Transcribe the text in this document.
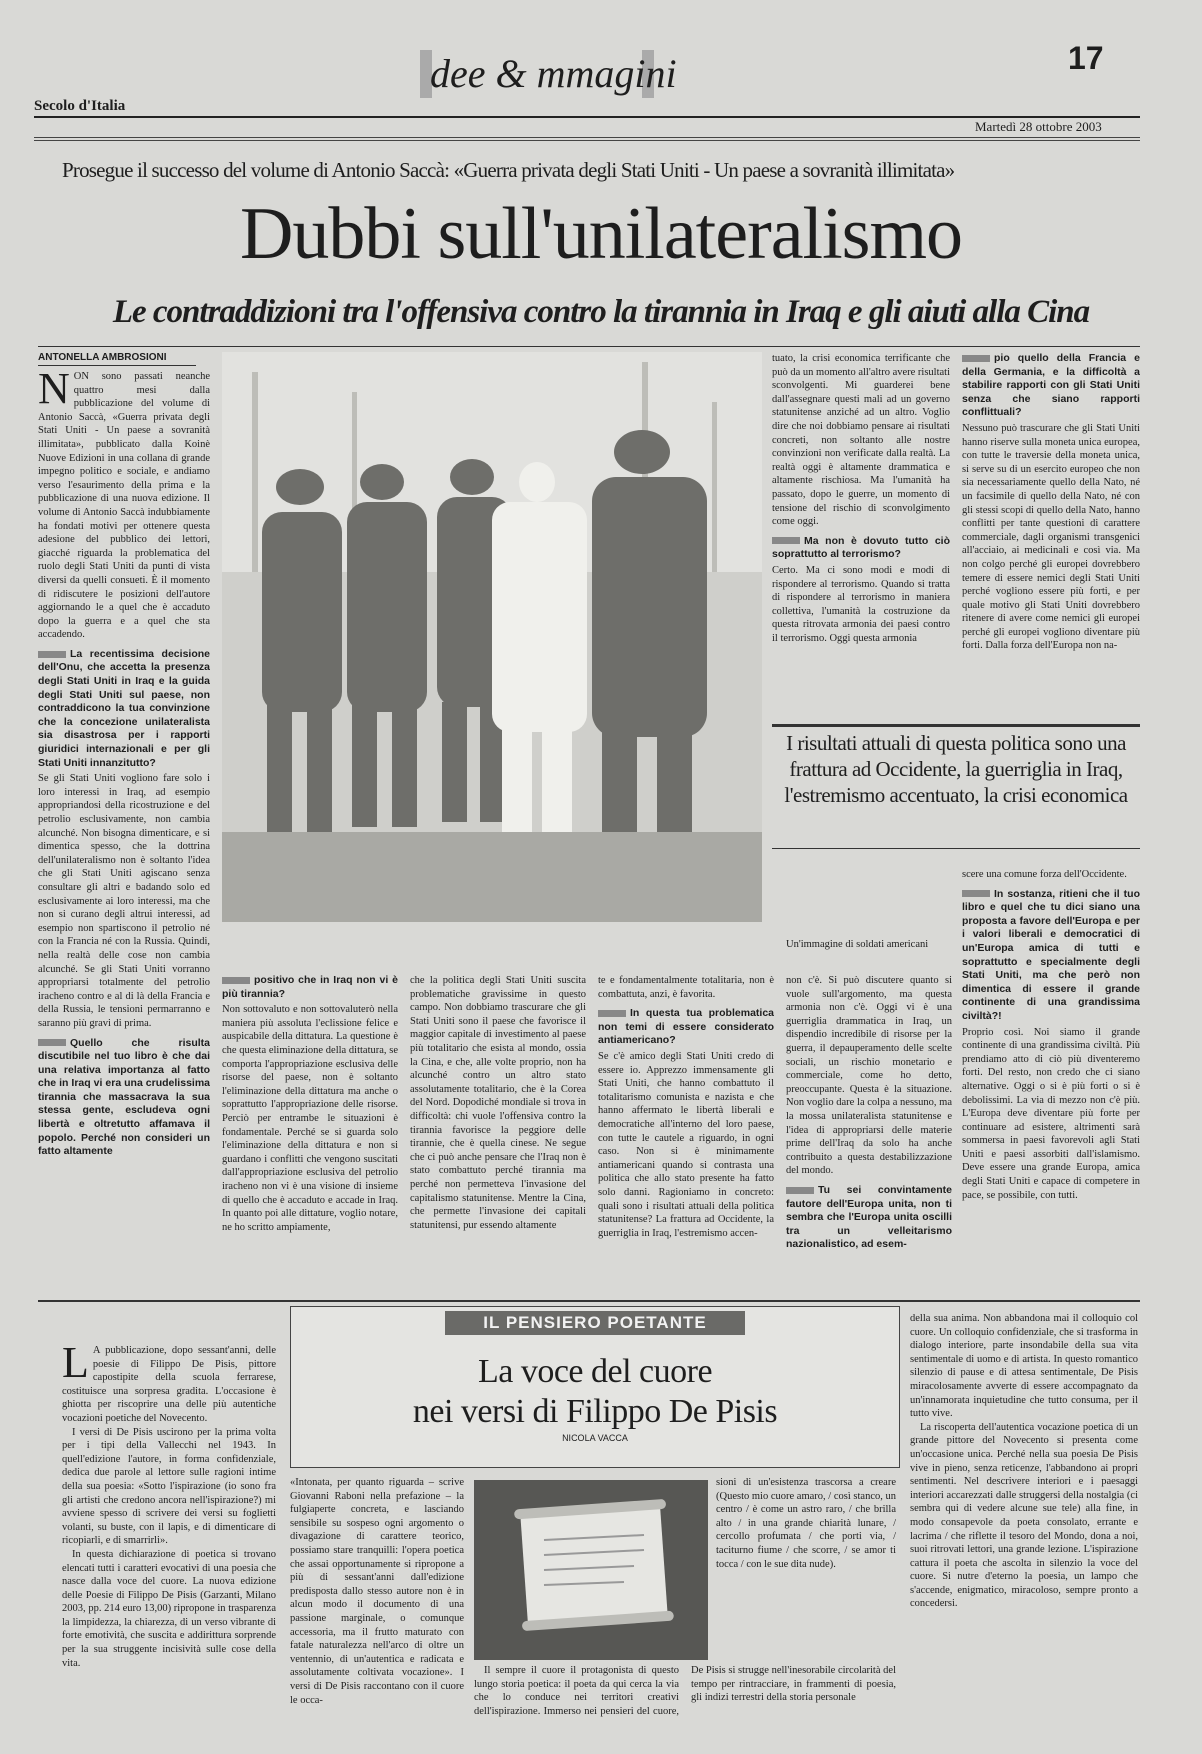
dee & mmagini	17
Secolo d'Italia
Martedì 28 ottobre 2003
Prosegue il successo del volume di Antonio Saccà: «Guerra privata degli Stati Uniti - Un paese a sovranità illimitata»
Dubbi sull'unilateralismo
Le contraddizioni tra l'offensiva contro la tirannia in Iraq e gli aiuti alla Cina
ANTONELLA AMBROSIONI

NON sono passati neanche quattro mesi dalla pubblicazione del volume di Antonio Saccà, «Guerra privata degli Stati Uniti - Un paese a sovranità illimitata», pubblicato dalla Koinè Nuove Edizioni in una collana di grande impegno politico e sociale, e andiamo verso l'esaurimento della prima e la pubblicazione di una nuova edizione. Il volume di Antonio Saccà indubbiamente ha fondati motivi per ottenere questa adesione del pubblico dei lettori, giacché riguarda la problematica del ruolo degli Stati Uniti da punti di vista diversi da quelli consueti. È il momento di ridiscutere le posizioni dell'autore aggiornando le a quel che è accaduto dopo la guerra e a quel che sta accadendo.

La recentissima decisione dell'Onu, che accetta la presenza degli Stati Uniti in Iraq e la guida degli Stati Uniti sul paese, non contraddicono la tua convinzione che la concezione unilateralista sia disastrosa per i rapporti giuridici internazionali e per gli Stati Uniti innanzitutto?

Se gli Stati Uniti vogliono fare solo i loro interessi in Iraq, ad esempio appropriandosi della ricostruzione e del petrolio esclusivamente, non cambia alcunché. Non bisogna dimenticare, e si dimentica spesso, che la dottrina dell'unilateralismo non è soltanto l'idea che gli Stati Uniti agiscano senza consultare gli altri e badando solo ed esclusivamente ai loro interessi, ma che non si curano degli altrui interessi, ad esempio non spartiscono il petrolio né con la Francia né con la Russia. Quindi, nella realtà delle cose non cambia alcunché. Se gli Stati Uniti vorranno appropriarsi totalmente del petrolio iracheno contro e al di là della Francia e della Russia, le tensioni permarranno e saranno più gravi di prima.

Quello che risulta discutibile nel tuo libro è che dai una relativa importanza al fatto che in Iraq vi era una crudelissima tirannia che massacrava la sua stessa gente, escludeva ogni libertà e oltretutto affamava il popolo. Perché non consideri un fatto altamente

tuato, la crisi economica terrificante che può da un momento all'altro avere risultati sconvolgenti. Mi guarderei bene dall'assegnare questi mali ad un governo statunitense anziché ad un altro. Voglio dire che noi dobbiamo pensare ai risultati concreti, non soltanto alle nostre convinzioni non verificate dalla realtà. La realtà oggi è altamente drammatica e altamente rischiosa. Ma l'umanità ha passato, dopo le guerre, un momento di tensione del rischio di sconvolgimento come oggi.

Ma non è dovuto tutto ciò soprattutto al terrorismo?

Certo. Ma ci sono modi e modi di rispondere al terrorismo. Quando si tratta di rispondere al terrorismo in maniera collettiva, l'umanità la costruzione da questa ritrovata armonia dei paesi contro il terrorismo. Oggi questa armonia

pio quello della Francia e della Germania, e la difficoltà a stabilire rapporti con gli Stati Uniti senza che siano rapporti conflittuali?

Nessuno può trascurare che gli Stati Uniti hanno riserve sulla moneta unica europea, con tutte le traversie della moneta unica, si serve su di un esercito europeo che non sia necessariamente quello della Nato, né un facsimile di quello della Nato, né con gli stessi scopi di quello della Nato, hanno conflitti per tante questioni di carattere commerciale, dagli organismi transgenici all'acciaio, ai medicinali e così via. Ma non colgo perché gli europei dovrebbero temere di essere nemici degli Stati Uniti perché vogliono essere più forti, e per quale motivo gli Stati Uniti dovrebbero ritenere di avere come nemici gli europei perché gli europei vogliono diventare più forti. Dalla forza dell'Europa non na-

I risultati attuali di questa politica sono una frattura ad Occidente, la guerriglia in Iraq, l'estremismo accentuato, la crisi economica
Un'immagine di soldati americani

scere una comune forza dell'Occidente.

In sostanza, ritieni che il tuo libro e quel che tu dici siano una proposta a favore dell'Europa e per i valori liberali e democratici di un'Europa amica di tutti e soprattutto e specialmente degli Stati Uniti, ma che però non dimentica di essere il grande continente di una grandissima civiltà?!

Proprio così. Noi siamo il grande continente di una grandissima civiltà. Più prendiamo atto di ciò più diventeremo forti. Del resto, non credo che ci siano alternative. Oggi o si è più forti o si è debolissimi. La via di mezzo non c'è più. L'Europa deve diventare più forte per continuare ad esistere, altrimenti sarà sommersa in paesi favorevoli agli Stati Uniti e paesi assorbiti dall'islamismo. Deve essere una grande Europa, amica degli Stati Uniti e capace di competere in pace, se possibile, con tutti.

positivo che in Iraq non vi è più tirannia?

Non sottovaluto e non sottovaluterò nella maniera più assoluta l'eclissione felice e auspicabile della dittatura. La questione è che questa eliminazione della dittatura, se comporta l'appropriazione esclusiva delle risorse del paese, non è soltanto l'eliminazione della dittatura ma anche o soprattutto l'appropriazione delle risorse. Perciò per entrambe le situazioni è fondamentale. Perché se si guarda solo l'eliminazione della dittatura e non si guardano i conflitti che vengono suscitati dall'appropriazione esclusiva del petrolio iracheno non vi è una visione di insieme di quello che è accaduto e accade in Iraq. In quanto poi alle dittature, voglio notare, ne ho scritto ampiamente,

che la politica degli Stati Uniti suscita problematiche gravissime in questo campo. Non dobbiamo trascurare che gli Stati Uniti sono il paese che favorisce il maggior capitale di investimento al paese più totalitario che esista al mondo, ossia la Cina, e che, alle volte proprio, non ha alcunché contro un altro stato assolutamente totalitario, che è la Corea del Nord. Dopodiché mondiale si trova in difficoltà: chi vuole l'offensiva contro la tirannia favorisce la peggiore delle tirannie, che è quella cinese. Ne segue che ci può anche pensare che l'Iraq non è stato combattuto perché tirannia ma perché non permetteva l'invasione del capitalismo statunitense. Mentre la Cina, che permette l'invasione dei capitali statunitensi, pur essendo altamente

te e fondamentalmente totalitaria, non è combattuta, anzi, è favorita.

In questa tua problematica non temi di essere considerato antiamericano?

Se c'è amico degli Stati Uniti credo di essere io. Apprezzo immensamente gli Stati Uniti, che hanno combattuto il totalitarismo comunista e nazista e che hanno affermato le libertà liberali e democratiche all'interno del loro paese, con tutte le cautele a riguardo, in ogni caso. Non si è minimamente antiamericani quando si contrasta una politica che allo stato presente ha fatto solo danni. Ragioniamo in concreto: quali sono i risultati attuali della politica statunitense? La frattura ad Occidente, la guerriglia in Iraq, l'estremismo accen-

non c'è. Si può discutere quanto si vuole sull'argomento, ma questa armonia non c'è. Oggi vi è una guerriglia drammatica in Iraq, un dispendio incredibile di risorse per la guerra, il depauperamento delle scelte sociali, un rischio monetario e commerciale, come ho detto, preoccupante. Questa è la situazione. Non voglio dare la colpa a nessuno, ma la mossa unilateralista statunitense e l'idea di appropriarsi delle materie prime dell'Iraq da solo ha anche contribuito a questa destabilizzazione del mondo.

Tu sei convintamente fautore dell'Europa unita, non ti sembra che l'Europa unita oscilli tra un velleitarismo nazionalistico, ad esem-
IL PENSIERO POETANTE
La voce del cuore
nei versi di Filippo De Pisis
NICOLA VACCA

L A pubblicazione, dopo sessant'anni, delle poesie di Filippo De Pisis, pittore capostipite della scuola ferrarese, costituisce una sorpresa gradita. L'occasione è ghiotta per riscoprire una delle più autentiche vocazioni poetiche del Novecento.

I versi di De Pisis uscirono per la prima volta per i tipi della Vallecchi nel 1943. In quell'edizione l'autore, in forma confidenziale, dedica due parole al lettore sulle ragioni intime della sua poesia: «Sotto l'ispirazione (io sono fra gli artisti che credono ancora nell'ispirazione?) mi avviene spesso di scrivere dei versi su foglietti volanti, su buste, con il lapis, e di dimenticare di ricopiarli, e di smarrirli».

In questa dichiarazione di poetica si trovano elencati tutti i caratteri evocativi di una poesia che nasce dalla voce del cuore. La nuova edizione delle Poesie di Filippo De Pisis (Garzanti, Milano 2003, pp. 214 euro 13,00) ripropone in trasparenza la limpidezza, la chiarezza, di un verso vibrante di forte emotività, che suscita e addirittura sorprende per la sua struggente incisività sulle cose della vita.

«Intonata, per quanto riguarda – scrive Giovanni Raboni nella prefazione – la fulgiaperte concreta, e lasciando sensibile su sospeso ogni argomento o divagazione di carattere teorico, possiamo stare tranquilli: l'opera poetica che assai opportunamente si ripropone a più di sessant'anni dall'edizione predisposta dallo stesso autore non è in alcun modo il documento di una passione marginale, o comunque accessoria, ma il frutto maturato con fatale naturalezza nell'arco di oltre un ventennio, di un'autentica e radicata e assolutamente coltivata vocazione». I versi di De Pisis raccontano con il cuore le occa-

sioni di un'esistenza trascorsa a creare (Questo mio cuore amaro, / così stanco, un centro / è come un astro raro, / che brilla alto / in una grande chiarità lunare, / cercollo profumata / che porti via, / taciturno fiume / che scorre, / se amor ti tocca / con le sue dita nude).

Il sempre il cuore il protagonista di questo lungo storia poetica: il poeta da qui cerca la via che lo conduce nei territori creativi dell'ispirazione. Immerso nei pensieri del cuore, De Pisis si strugge nell'inesorabile circolarità del tempo per rintracciare, in frammenti di poesia, gli indizi terrestri della storia personale

della sua anima. Non abbandona mai il colloquio col cuore. Un colloquio confidenziale, che si trasforma in dialogo interiore, parte insondabile della sua vita sentimentale di uomo e di artista. In questo romantico silenzio di pause e di attesa sentimentale, De Pisis miracolosamente avverte di essere accompagnato da un'innamorata inquietudine che tutto consuma, per il tutto vive.

La riscoperta dell'autentica vocazione poetica di un grande pittore del Novecento si presenta come un'occasione unica. Perché nella sua poesia De Pisis vive in pieno, senza reticenze, l'abbandono ai propri sentimenti. Nel descrivere interiori e i paesaggi interiori accarezzati dalle struggersi della nostalgia (ci sembra qui di vedere alcune sue tele) alla fine, in modo consapevole da poeta consolato, errante e lacrima / che riflette il tesoro del Mondo, dona a noi, suoi ritrovati lettori, una grande lezione. L'ispirazione cattura il poeta che ascolta in silenzio la voce del cuore. Si nutre d'eterno la poesia, un lampo che s'accende, enigmatico, miracoloso, sempre pronto a concedersi.
